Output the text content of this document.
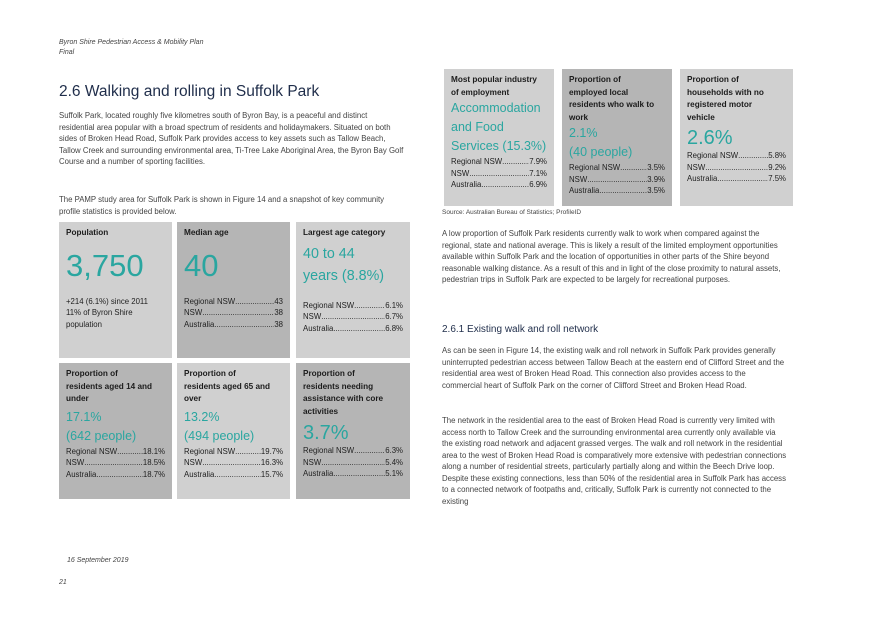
Byron Shire Pedestrian Access & Mobility Plan
Final
2.6 Walking and rolling in Suffolk Park
Suffolk Park, located roughly five kilometres south of Byron Bay, is a peaceful and distinct residential area popular with a broad spectrum of residents and holidaymakers. Situated on both sides of Broken Head Road, Suffolk Park provides access to key assets such as Tallow Beach, Tallow Creek and surrounding environmental area, Ti-Tree Lake Aboriginal Area, the Byron Bay Golf Course and a number of sporting facilities.
The PAMP study area for Suffolk Park is shown in Figure 14 and a snapshot of key community profile statistics is provided below.
Population
3,750
+214 (6.1%) since 2011
11% of Byron Shire
population
Median age
40
Regional NSW .....	43
NSW .....	38
Australia .....	38
Largest age category
40 to 44
years (8.8%)
Regional NSW .....	6.1%
NSW .....	6.7%
Australia .....	6.8%
Proportion of
residents aged 14 and
under
17.1%
(642 people)
Regional NSW .....	18.1%
NSW .....	18.5%
Australia .....	18.7%
Proportion of
residents aged 65 and
over
13.2%
(494 people)
Regional NSW .....	19.7%
NSW .....	16.3%
Australia .....	15.7%
Proportion of
residents needing
assistance with core
activities
3.7%
Regional NSW .....	6.3%
NSW .....	5.4%
Australia .....	5.1%
Most popular industry
of employment
Accommodation
and Food
Services (15.3%)
Regional NSW .....	7.9%
NSW .....	7.1%
Australia .....	6.9%
Proportion of
employed local
residents who walk to
work
2.1%
(40 people)
Regional NSW .....	3.5%
NSW .....	3.9%
Australia .....	3.5%
Proportion of
households with no
registered motor
vehicle
2.6%
Regional NSW .....	5.8%
NSW .....	9.2%
Australia .....	7.5%
Source: Australian Bureau of Statistics; ProfileID
A low proportion of Suffolk Park residents currently walk to work when compared against the regional, state and national average. This is likely a result of the limited employment opportunities available within Suffolk Park and the location of opportunities in other parts of the Shire beyond reasonable walking distance. As a result of this and in light of the close proximity to natural assets, pedestrian trips in Suffolk Park are expected to be largely for recreational purposes.
2.6.1 Existing walk and roll network
As can be seen in Figure 14, the existing walk and roll network in Suffolk Park provides generally uninterrupted pedestrian access between Tallow Beach at the eastern end of Clifford Street and the residential area west of Broken Head Road. This connection also provides access to the commercial heart of Suffolk Park on the corner of Clifford Street and Broken Head Road.
The network in the residential area to the east of Broken Head Road is currently very limited with access north to Tallow Creek and the surrounding environmental area currently only available via the existing road network and adjacent grassed verges. The walk and roll network in the residential area to the west of Broken Head Road is comparatively more extensive with pedestrian connections along a number of residential streets, particularly partially along and within the Beech Drive loop. Despite these existing connections, less than 50% of the residential area in Suffolk Park has access to a connected network of footpaths and, critically, Suffolk Park is currently not connected to the existing
16 September 2019
21
